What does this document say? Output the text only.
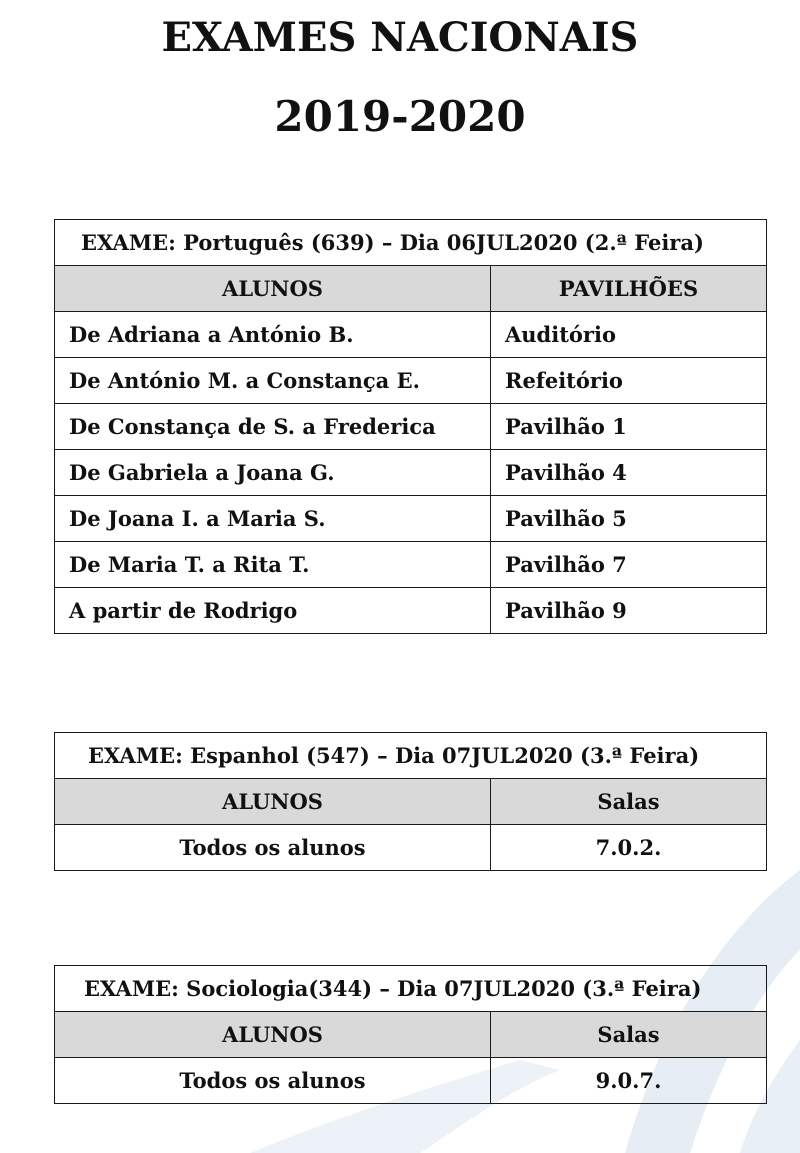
EXAMES NACIONAIS
2019-2020
EXAME: Português (639) – Dia 06JUL2020 (2.ª Feira)	
ALUNOS	PAVILHÕES
De Adriana a António B.	Auditório
De António M. a Constança E.	Refeitório
De Constança de S. a Frederica	Pavilhão 1
De Gabriela a Joana G.	Pavilhão 4
De Joana I. a Maria S.	Pavilhão 5
De Maria T. a Rita T.	Pavilhão 7
A partir de Rodrigo	Pavilhão 9
EXAME: Espanhol (547) – Dia 07JUL2020 (3.ª Feira)	
ALUNOS	Salas
Todos os alunos	7.0.2.
EXAME: Sociologia(344) – Dia 07JUL2020 (3.ª Feira)	
ALUNOS	Salas
Todos os alunos	9.0.7.
